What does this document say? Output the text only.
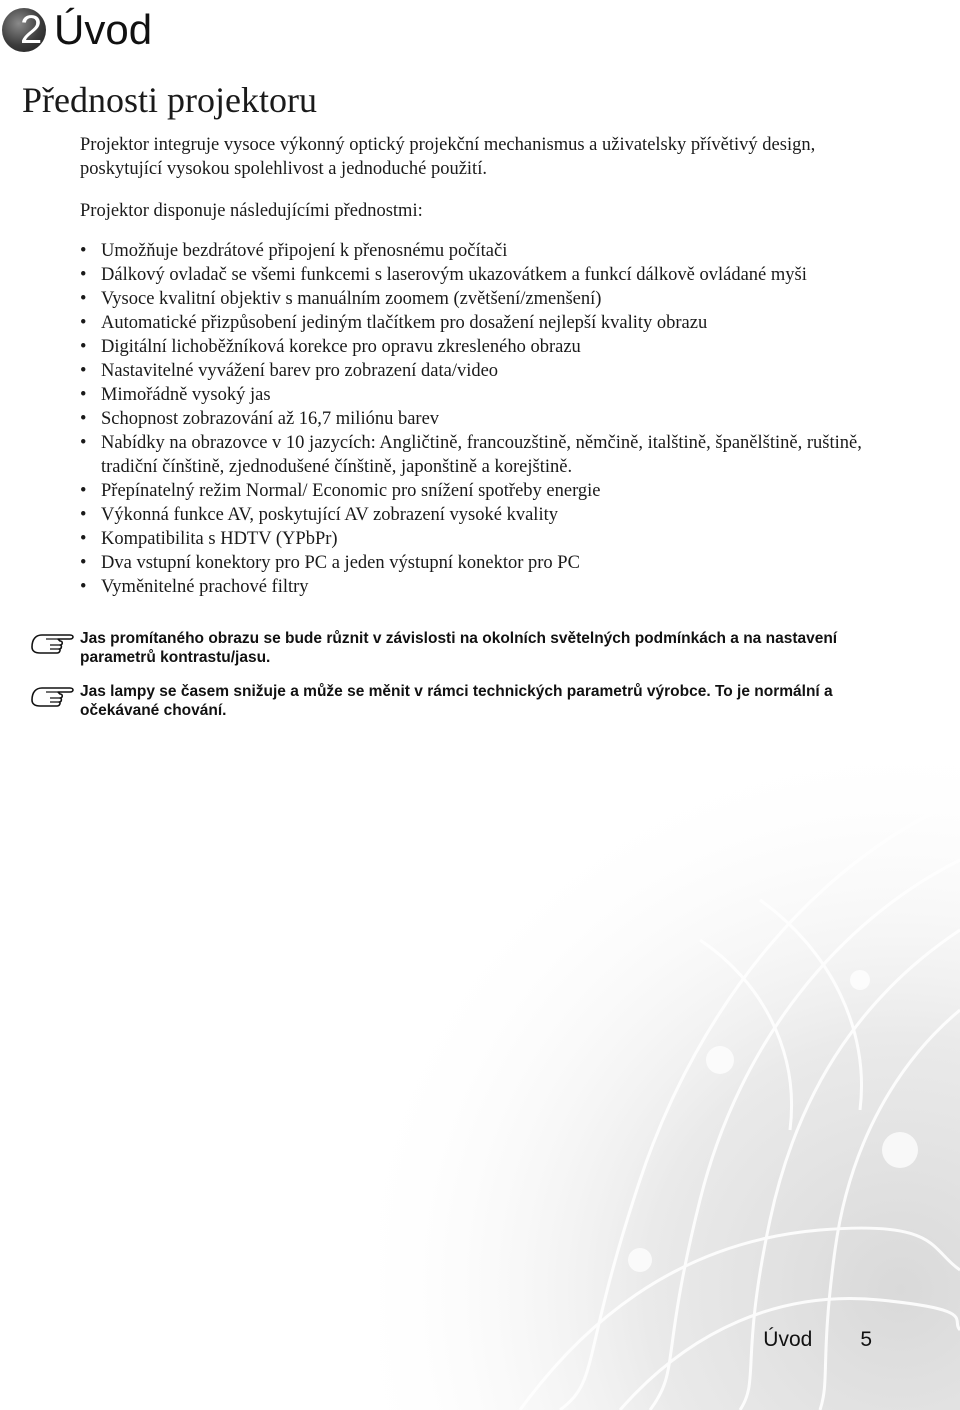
2 Úvod
Přednosti projektoru

Projektor integruje vysoce výkonný optický projekční mechanismus a uživatelsky přívětivý design, poskytující vysokou spolehlivost a jednoduché použití.

Projektor disponuje následujícími přednostmi:

• Umožňuje bezdrátové připojení k přenosnému počítači
• Dálkový ovladač se všemi funkcemi s laserovým ukazovátkem a funkcí dálkově ovládané myši
• Vysoce kvalitní objektiv s manuálním zoomem (zvětšení/zmenšení)
• Automatické přizpůsobení jediným tlačítkem pro dosažení nejlepší kvality obrazu
• Digitální lichoběžníková korekce pro opravu zkresleného obrazu
• Nastavitelné vyvážení barev pro zobrazení data/video
• Mimořádně vysoký jas
• Schopnost zobrazování až 16,7 miliónu barev
• Nabídky na obrazovce v 10 jazycích: Angličtině, francouzštině, němčině, italštině, španělštině, ruštině, tradiční čínštině, zjednodušené čínštině, japonštině a korejštině.
• Přepínatelný režim Normal/ Economic pro snížení spotřeby energie
• Výkonná funkce AV, poskytující AV zobrazení vysoké kvality
• Kompatibilita s HDTV (YPbPr)
• Dva vstupní konektory pro PC a jeden výstupní konektor pro PC
• Vyměnitelné prachové filtry
Jas promítaného obrazu se bude různit v závislosti na okolních světelných podmínkách a na nastavení parametrů kontrastu/jasu.
Jas lampy se časem snižuje a může se měnit v rámci technických parametrů výrobce. To je normální a očekávané chování.
Úvod 5
